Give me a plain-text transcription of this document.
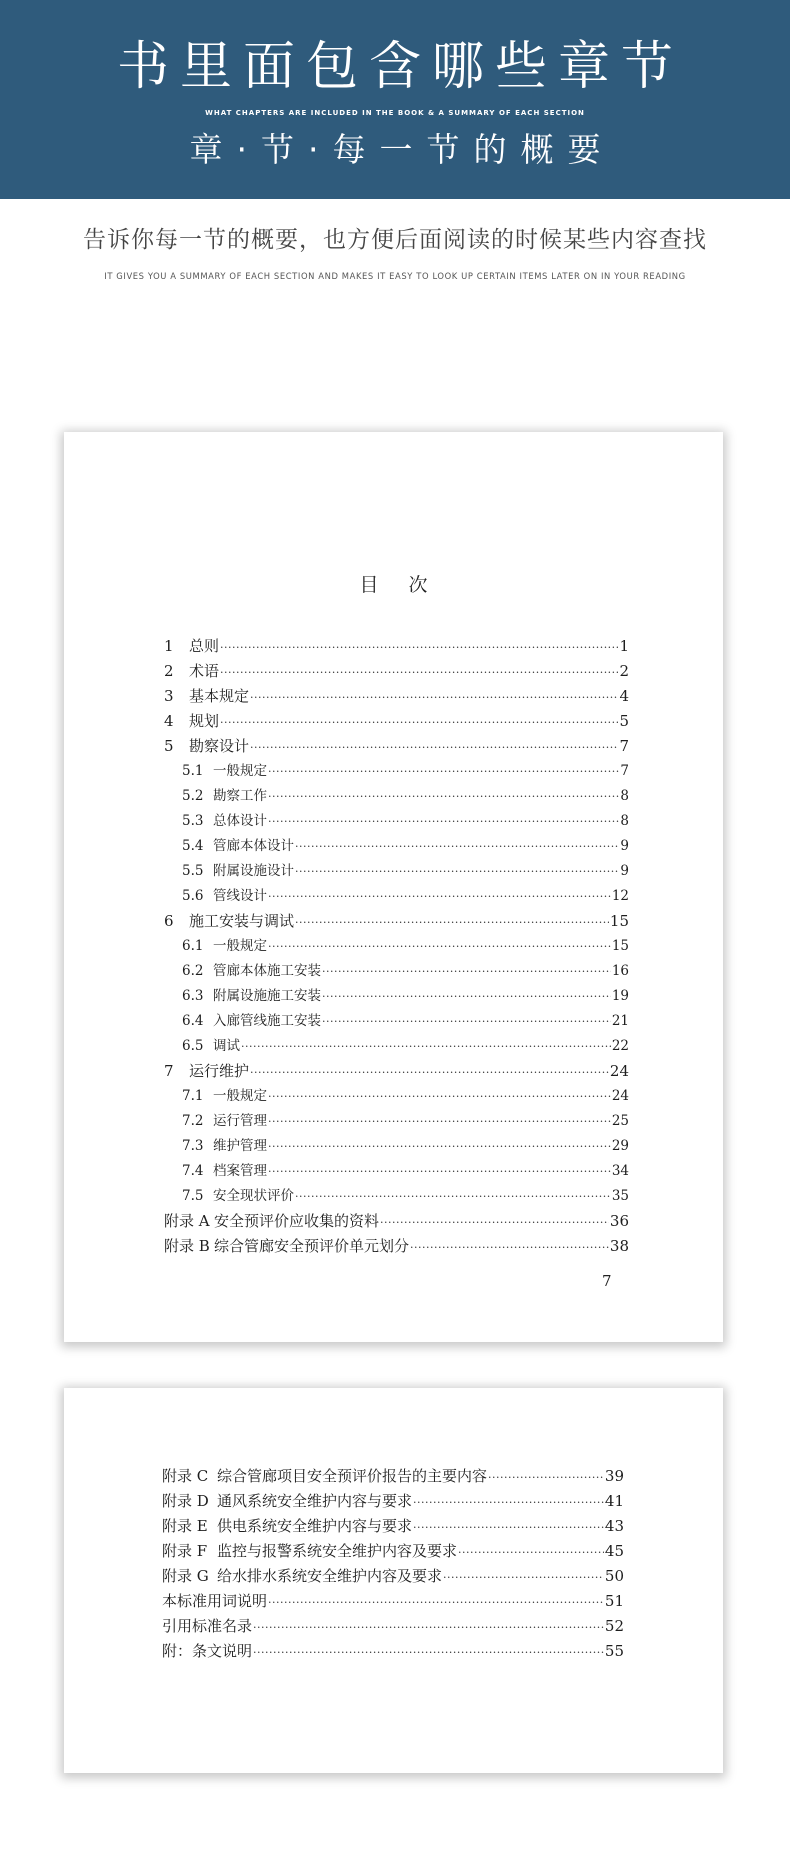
书里面包含哪些章节
WHAT CHAPTERS ARE INCLUDED IN THE BOOK & A SUMMARY OF EACH SECTION
章·节·每一节的概要
告诉你每一节的概要，也方便后面阅读的时候某些内容查找
IT GIVES YOU A SUMMARY OF EACH SECTION AND MAKES IT EASY TO LOOK UP CERTAIN ITEMS LATER ON IN YOUR READING
目次
1	总则 ·····	1
2	术语 ·····	2
3	基本规定 ·····	4
4	规划 ·····	5
5	勘察设计 ·····	7
5.1 一般规定 ·····	7
5.2 勘察工作 ·····	8
5.3 总体设计 ·····	8
5.4 管廊本体设计 ·····	9
5.5 附属设施设计 ·····	9
5.6 管线设计 ·····	12
6	施工安装与调试 ·····	15
6.1 一般规定 ·····	15
6.2 管廊本体施工安装 ·····	16
6.3 附属设施施工安装 ·····	19
6.4 入廊管线施工安装 ·····	21
6.5 调试 ·····	22
7	运行维护 ·····	24
7.1 一般规定 ·····	24
7.2 运行管理 ·····	25
7.3 维护管理 ·····	29
7.4 档案管理 ·····	34
7.5 安全现状评价 ·····	35
附录 A 安全预评价应收集的资料 ·····	36
附录 B 综合管廊安全预评价单元划分 ·····	38
7
附录 C 综合管廊项目安全预评价报告的主要内容 ·····	39
附录 D 通风系统安全维护内容与要求 ·····	41
附录 E 供电系统安全维护内容与要求 ·····	43
附录 F 监控与报警系统安全维护内容及要求 ·····	45
附录 G 给水排水系统安全维护内容及要求 ·····	50
本标准用词说明 ·····	51
引用标准名录 ·····	52
附：条文说明 ·····	55
